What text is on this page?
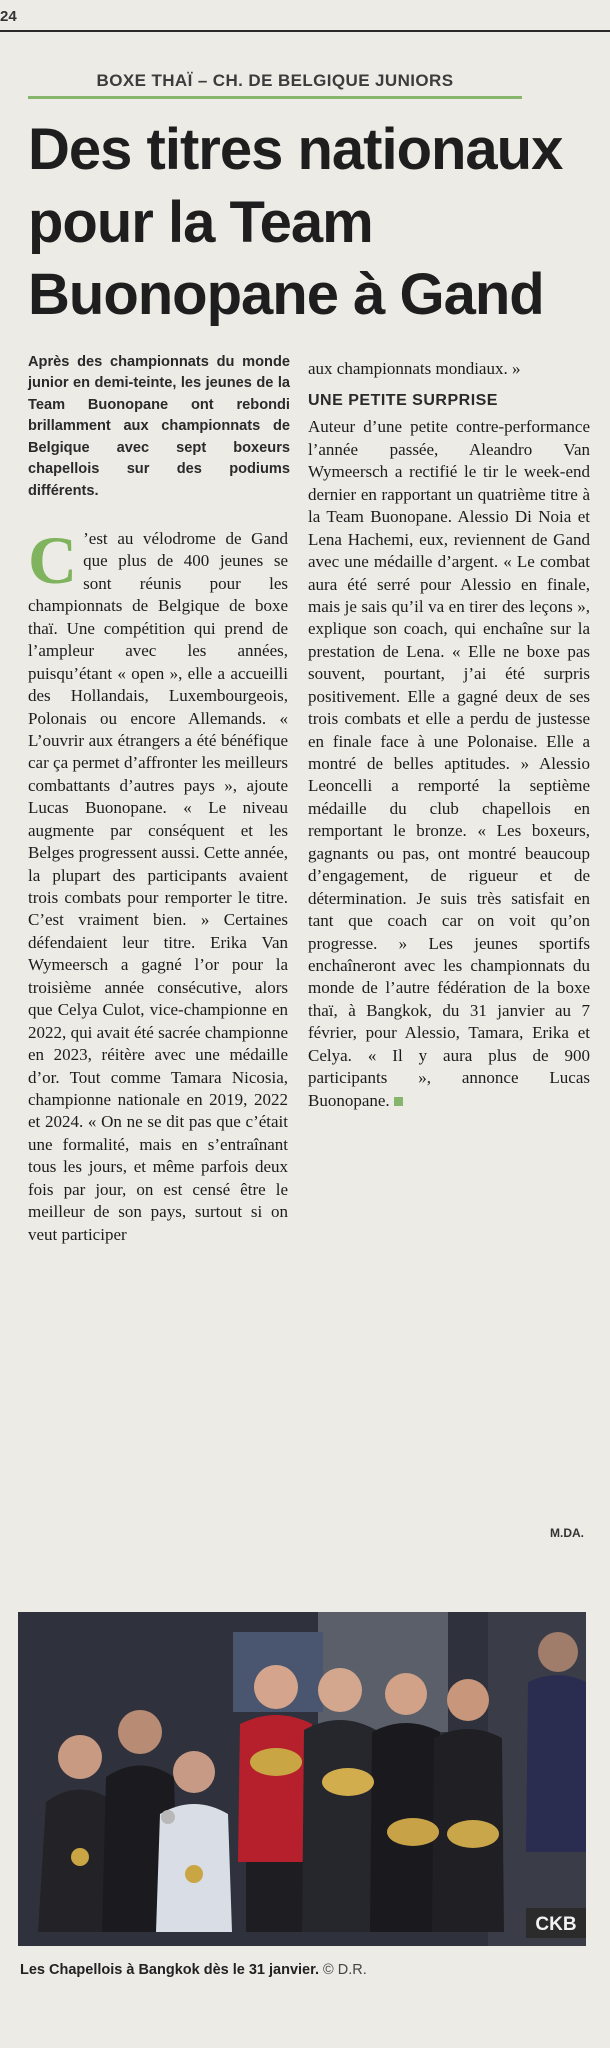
24
BOXE THAÏ – CH. DE BELGIQUE JUNIORS
Des titres nationaux pour la Team Buonopane à Gand
Après des championnats du monde junior en demi-teinte, les jeunes de la Team Buonopane ont rebondi brillamment aux championnats de Belgique avec sept boxeurs chapellois sur des podiums différents.
C ’est au vélodrome de Gand que plus de 400 jeunes se sont réunis pour les championnats de Belgique de boxe thaï. Une compétition qui prend de l’ampleur avec les années, puisqu’étant « open », elle a accueilli des Hollandais, Luxembourgeois, Polonais ou encore Allemands. « L’ouvrir aux étrangers a été bénéfique car ça permet d’affronter les meilleurs combattants d’autres pays », ajoute Lucas Buonopane. « Le niveau augmente par conséquent et les Belges progressent aussi. Cette année, la plupart des participants avaient trois combats pour remporter le titre. C’est vraiment bien. » Certaines défendaient leur titre. Erika Van Wymeersch a gagné l’or pour la troisième année consécutive, alors que Celya Culot, vice-championne en 2022, qui avait été sacrée championne en 2023, réitère avec une médaille d’or. Tout comme Tamara Nicosia, championne nationale en 2019, 2022 et 2024. « On ne se dit pas que c’était une formalité, mais en s’entraînant tous les jours, et même parfois deux fois par jour, on est censé être le meilleur de son pays, surtout si on veut participer

aux championnats mondiaux. »

UNE PETITE SURPRISE

Auteur d’une petite contre-performance l’année passée, Aleandro Van Wymeersch a rectifié le tir le week-end dernier en rapportant un quatrième titre à la Team Buonopane. Alessio Di Noia et Lena Hachemi, eux, reviennent de Gand avec une médaille d’argent. « Le combat aura été serré pour Alessio en finale, mais je sais qu’il va en tirer des leçons », explique son coach, qui enchaîne sur la prestation de Lena. « Elle ne boxe pas souvent, pourtant, j’ai été surpris positivement. Elle a gagné deux de ses trois combats et elle a perdu de justesse en finale face à une Polonaise. Elle a montré de belles aptitudes. » Alessio Leoncelli a remporté la septième médaille du club chapellois en remportant le bronze. « Les boxeurs, gagnants ou pas, ont montré beaucoup d’engagement, de rigueur et de détermination. Je suis très satisfait en tant que coach car on voit qu’on progresse. » Les jeunes sportifs enchaîneront avec les championnats du monde de l’autre fédération de la boxe thaï, à Bangkok, du 31 janvier au 7 février, pour Alessio, Tamara, Erika et Celya. « Il y aura plus de 900 participants », annonce Lucas Buonopane.

M.DA.
CKB
Les Chapellois à Bangkok dès le 31 janvier. © D.R.
